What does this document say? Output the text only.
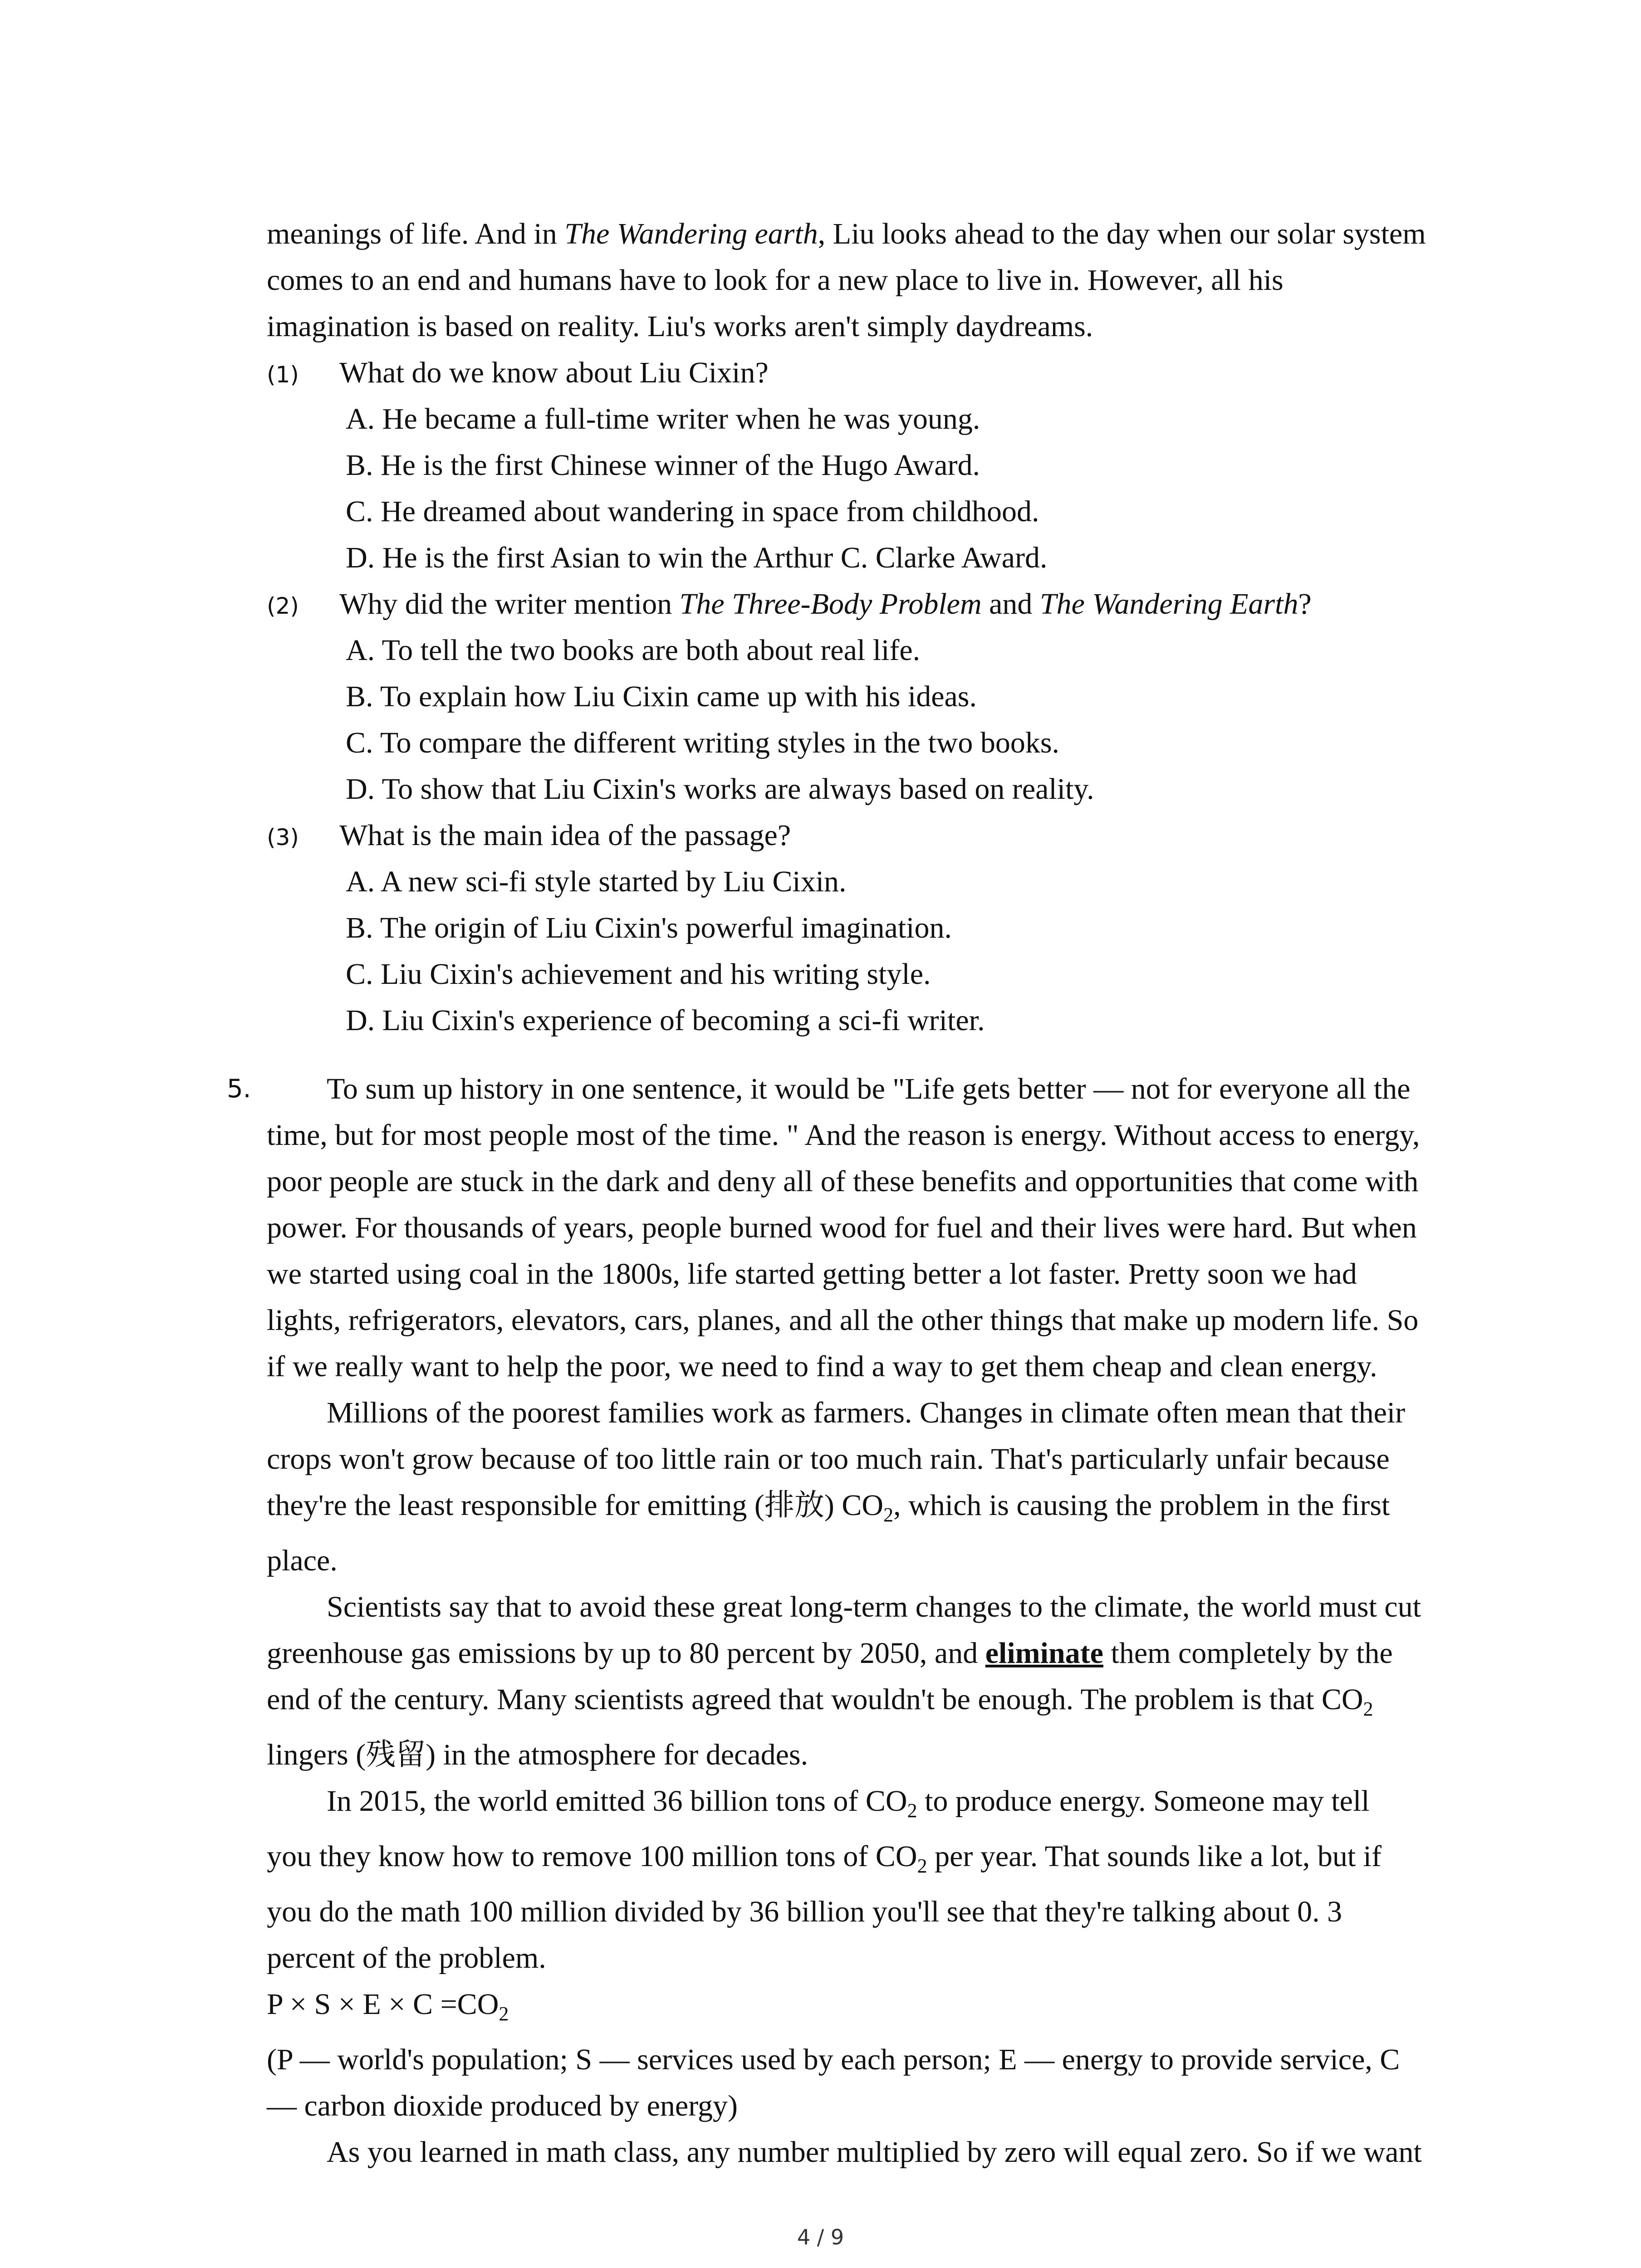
meanings of life. And in The Wandering earth, Liu looks ahead to the day when our solar system
comes to an end and humans have to look for a new place to live in. However, all his
imagination is based on reality. Liu's works aren't simply daydreams.
(1) What do we know about Liu Cixin?
A. He became a full-time writer when he was young.
B. He is the first Chinese winner of the Hugo Award.
C. He dreamed about wandering in space from childhood.
D. He is the first Asian to win the Arthur C. Clarke Award.
(2) Why did the writer mention The Three-Body Problem and The Wandering Earth?
A. To tell the two books are both about real life.
B. To explain how Liu Cixin came up with his ideas.
C. To compare the different writing styles in the two books.
D. To show that Liu Cixin's works are always based on reality.
(3) What is the main idea of the passage?
A. A new sci-fi style started by Liu Cixin.
B. The origin of Liu Cixin's powerful imagination.
C. Liu Cixin's achievement and his writing style.
D. Liu Cixin's experience of becoming a sci-fi writer.
5.	To sum up history in one sentence, it would be "Life gets better — not for everyone all the
time, but for most people most of the time. " And the reason is energy. Without access to energy,
poor people are stuck in the dark and deny all of these benefits and opportunities that come with
power. For thousands of years, people burned wood for fuel and their lives were hard. But when
we started using coal in the 1800s, life started getting better a lot faster. Pretty soon we had
lights, refrigerators, elevators, cars, planes, and all the other things that make up modern life. So
if we really want to help the poor, we need to find a way to get them cheap and clean energy.
Millions of the poorest families work as farmers. Changes in climate often mean that their
crops won't grow because of too little rain or too much rain. That's particularly unfair because
they're the least responsible for emitting (排放) $CO_2$, which is causing the problem in the first
place.
Scientists say that to avoid these great long-term changes to the climate, the world must cut
greenhouse gas emissions by up to 80 percent by 2050, and eliminate them completely by the
end of the century. Many scientists agreed that wouldn't be enough. The problem is that $CO_2$
lingers (残留) in the atmosphere for decades.
In 2015, the world emitted 36 billion tons of $CO_2$ to produce energy. Someone may tell
you they know how to remove 100 million tons of $CO_2$ per year. That sounds like a lot, but if
you do the math 100 million divided by 36 billion you'll see that they're talking about 0. 3
percent of the problem.
$P \times S \times E \times C =CO_2$
(P — world's population; S — services used by each person; E — energy to provide service, C
— carbon dioxide produced by energy)
As you learned in math class, any number multiplied by zero will equal zero. So if we want
4 / 9
